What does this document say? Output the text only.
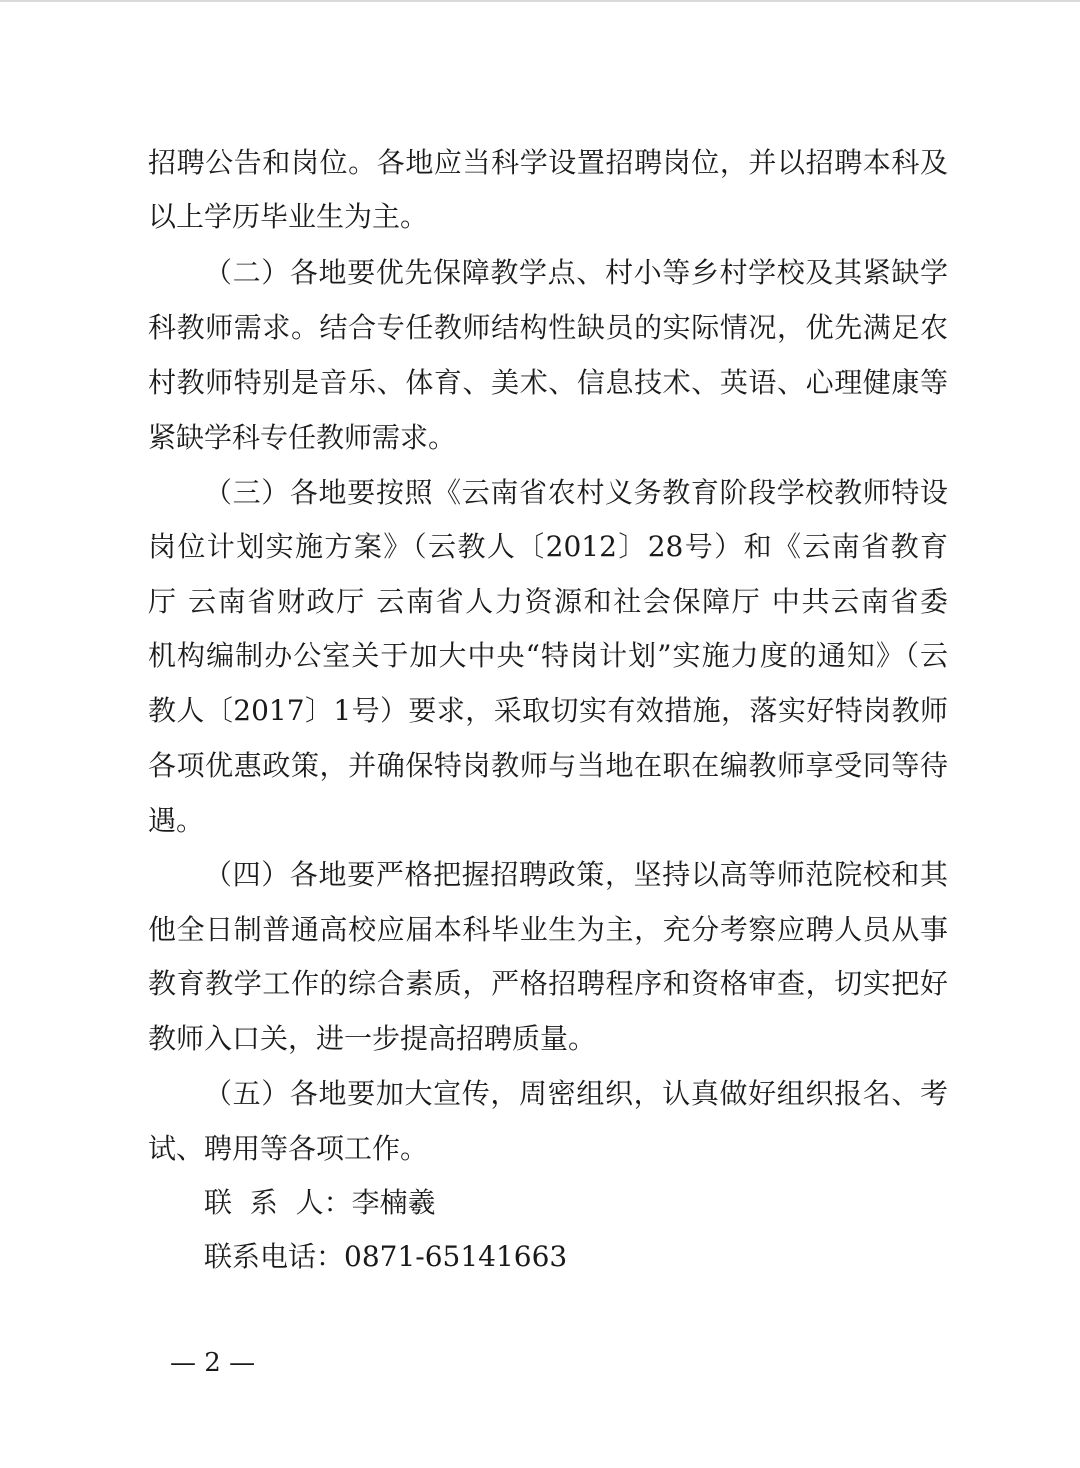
招聘公告和岗位。各地应当科学设置招聘岗位，并以招聘本科及
以上学历毕业生为主。
（二）各地要优先保障教学点、村小等乡村学校及其紧缺学
科教师需求。结合专任教师结构性缺员的实际情况，优先满足农
村教师特别是音乐、体育、美术、信息技术、英语、心理健康等
紧缺学科专任教师需求。
（三）各地要按照《云南省农村义务教育阶段学校教师特设
岗位计划实施方案》（云教人〔2012〕28号）和《云南省教育
厅 云南省财政厅 云南省人力资源和社会保障厅 中共云南省委
机构编制办公室关于加大中央“特岗计划”实施力度的通知》（云
教人〔2017〕1号）要求，采取切实有效措施，落实好特岗教师
各项优惠政策，并确保特岗教师与当地在职在编教师享受同等待
遇。
（四）各地要严格把握招聘政策，坚持以高等师范院校和其
他全日制普通高校应届本科毕业生为主，充分考察应聘人员从事
教育教学工作的综合素质，严格招聘程序和资格审查，切实把好
教师入口关，进一步提高招聘质量。
（五）各地要加大宣传，周密组织，认真做好组织报名、考
试、聘用等各项工作。
联  系  人：李楠羲
联系电话：0871-65141663
— 2 —
